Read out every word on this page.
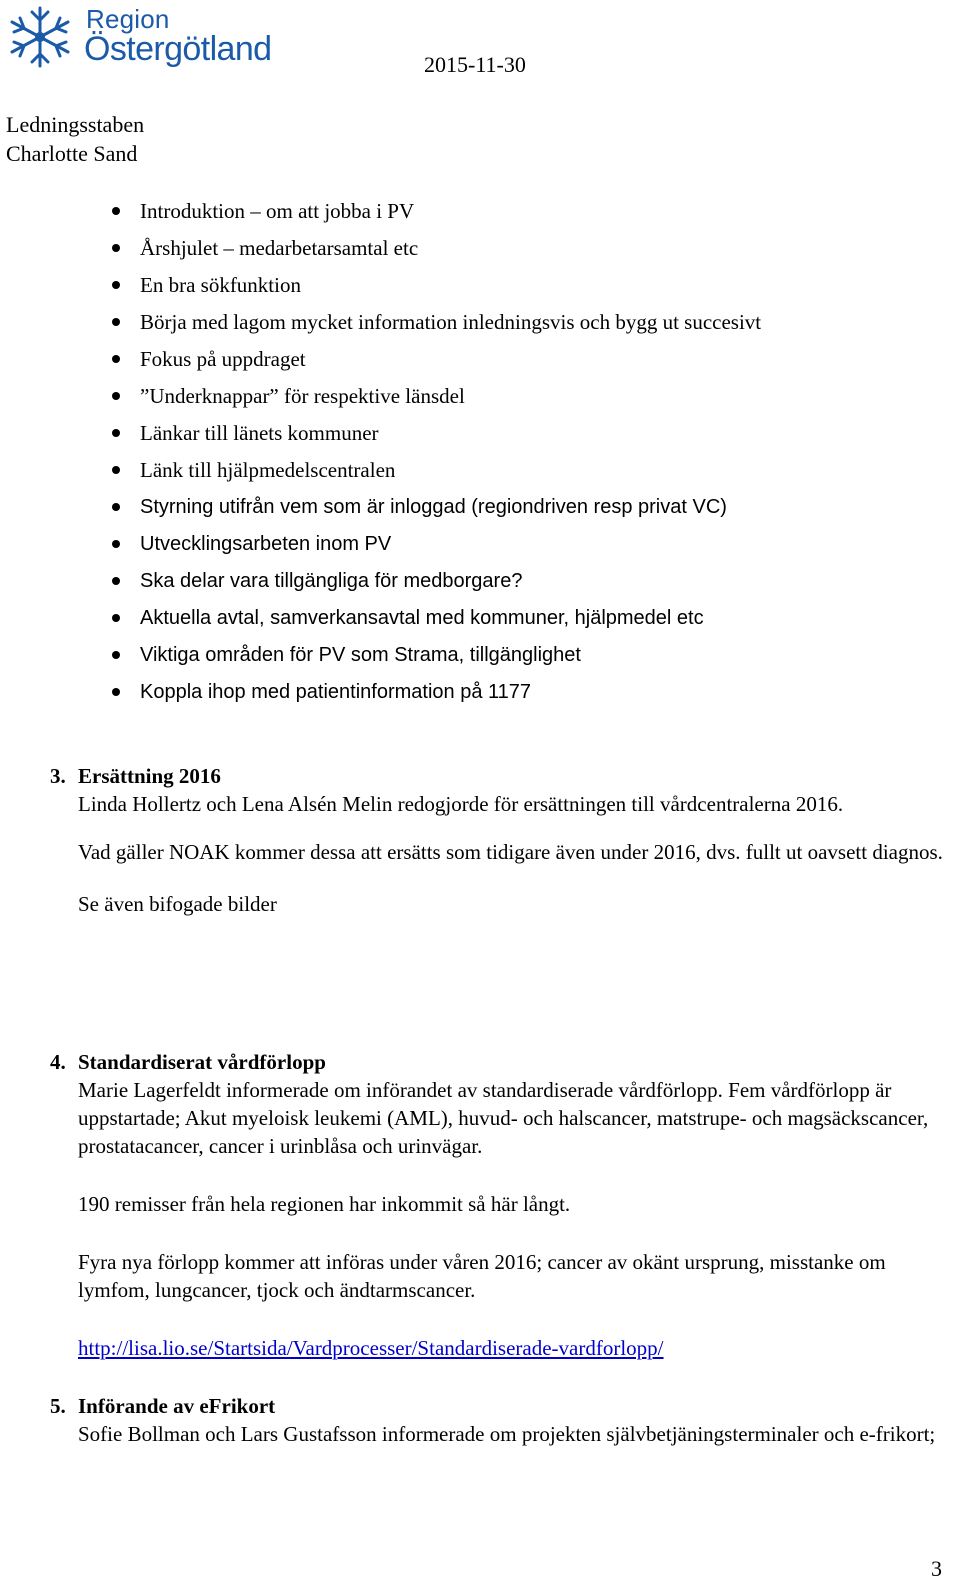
Region
Östergötland	2015-11-30
Ledningsstaben
Charlotte Sand
Introduktion – om att jobba i PV
Årshjulet – medarbetarsamtal etc
En bra sökfunktion
Börja med lagom mycket information inledningsvis och bygg ut succesivt
Fokus på uppdraget
”Underknappar” för respektive länsdel
Länkar till länets kommuner
Länk till hjälpmedelscentralen
Styrning utifrån vem som är inloggad (regiondriven resp privat VC)
Utvecklingsarbeten inom PV
Ska delar vara tillgängliga för medborgare?
Aktuella avtal, samverkansavtal med kommuner, hjälpmedel etc
Viktiga områden för PV som Strama, tillgänglighet
Koppla ihop med patientinformation på 1177
3. Ersättning 2016
Linda Hollertz och Lena Alsén Melin redogjorde för ersättningen till vårdcentralerna 2016.
Vad gäller NOAK kommer dessa att ersätts som tidigare även under 2016, dvs. fullt ut oavsett diagnos.
Se även bifogade bilder
4. Standardiserat vårdförlopp
Marie Lagerfeldt informerade om införandet av standardiserade vårdförlopp. Fem vårdförlopp är uppstartade; Akut myeloisk leukemi (AML), huvud- och halscancer, matstrupe- och magsäckscancer, prostatacancer, cancer i urinblåsa och urinvägar.
190 remisser från hela regionen har inkommit så här långt.
Fyra nya förlopp kommer att införas under våren 2016; cancer av okänt ursprung, misstanke om lymfom, lungcancer, tjock och ändtarmscancer.
http://lisa.lio.se/Startsida/Vardprocesser/Standardiserade-vardforlopp/
5. Införande av eFrikort
Sofie Bollman och Lars Gustafsson informerade om projekten självbetjäningsterminaler och e-frikort;
3
